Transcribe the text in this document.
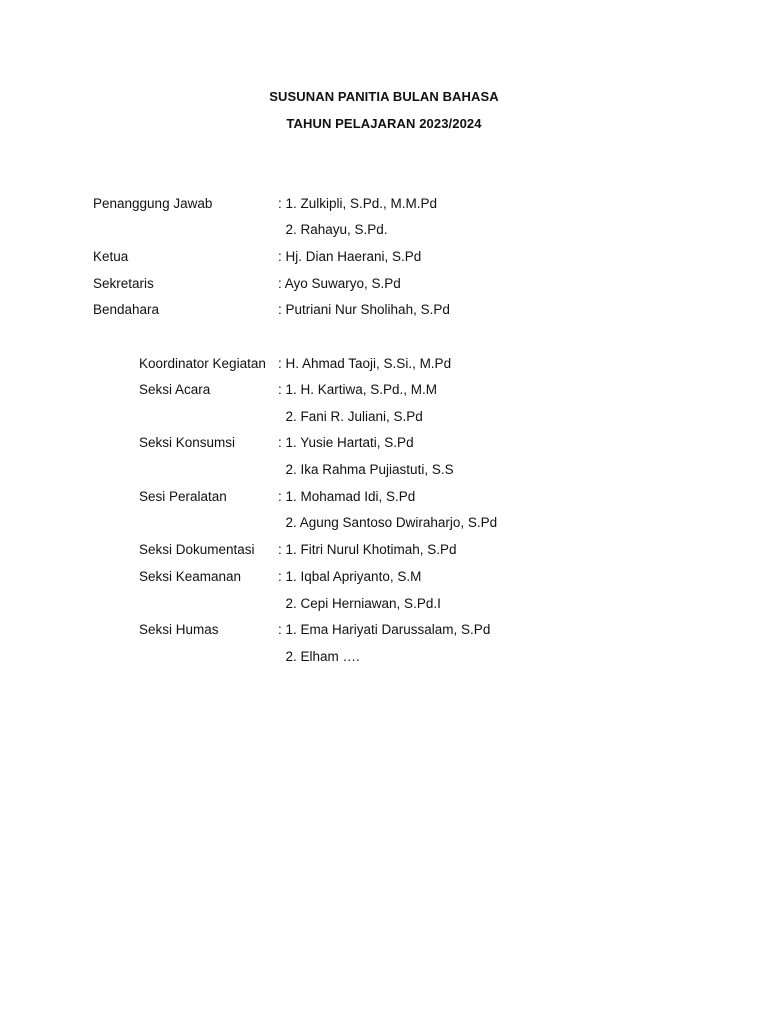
SUSUNAN PANITIA BULAN BAHASA
TAHUN PELAJARAN 2023/2024
Penanggung Jawab	: 1. Zulkipli, S.Pd., M.M.Pd
2. Rahayu, S.Pd.
Ketua	: Hj. Dian Haerani, S.Pd
Sekretaris	: Ayo Suwaryo, S.Pd
Bendahara	: Putriani Nur Sholihah, S.Pd
Koordinator Kegiatan : H. Ahmad Taoji, S.Si., M.Pd
Seksi Acara	: 1. H. Kartiwa, S.Pd., M.M
2. Fani R. Juliani, S.Pd
Seksi Konsumsi	: 1. Yusie Hartati, S.Pd
2. Ika Rahma Pujiastuti, S.S
Sesi Peralatan	: 1. Mohamad Idi, S.Pd
2. Agung Santoso Dwiraharjo, S.Pd
Seksi Dokumentasi : 1. Fitri Nurul Khotimah, S.Pd
Seksi Keamanan	: 1. Iqbal Apriyanto, S.M
2. Cepi Herniawan, S.Pd.I
Seksi Humas	: 1. Ema Hariyati Darussalam, S.Pd
2. Elham ….
